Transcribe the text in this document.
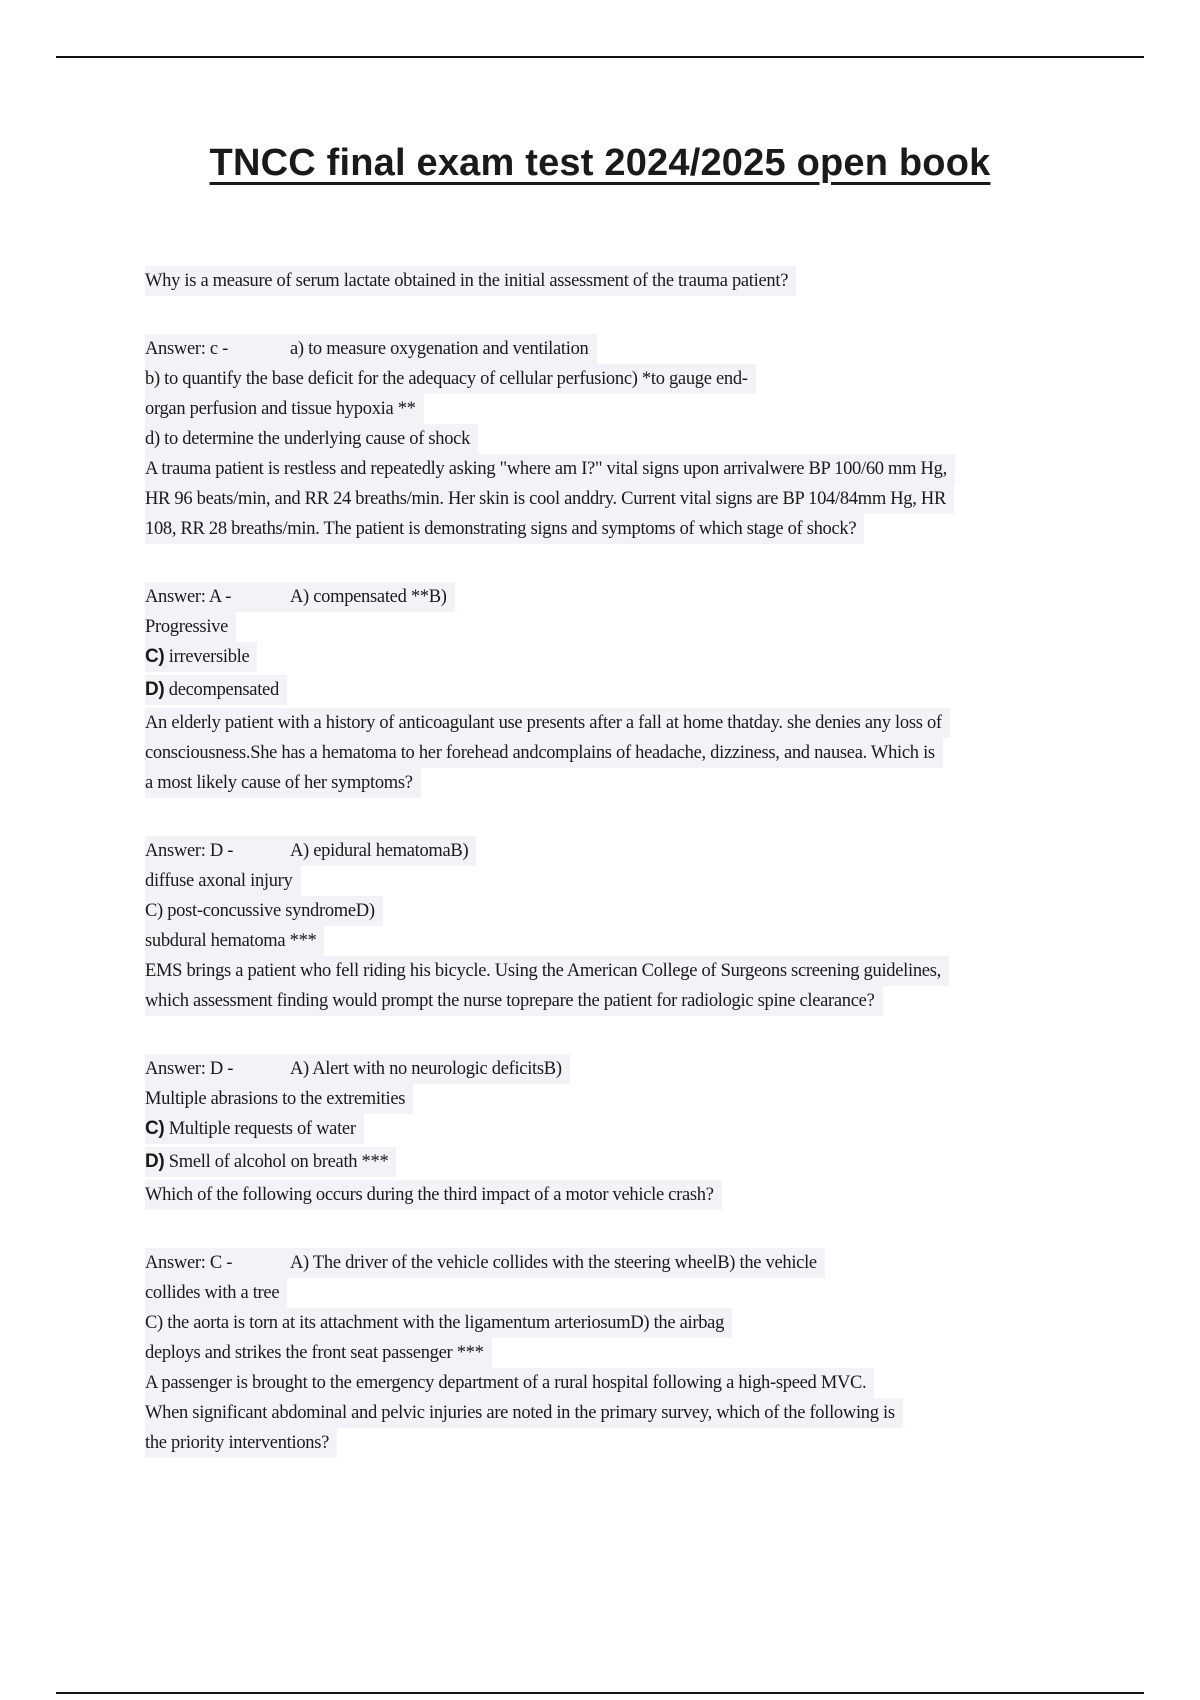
TNCC final exam test 2024/2025 open book
Why is a measure of serum lactate obtained in the initial assessment of the trauma patient?
Answer: c -	a) to measure oxygenation and ventilation
b) to quantify the base deficit for the adequacy of cellular perfusionc) *to gauge end-
organ perfusion and tissue hypoxia **
d) to determine the underlying cause of shock
A trauma patient is restless and repeatedly asking "where am I?" vital signs upon arrivalwere BP 100/60 mm Hg,
HR 96 beats/min, and RR 24 breaths/min. Her skin is cool anddry. Current vital signs are BP 104/84mm Hg, HR
108, RR 28 breaths/min. The patient is demonstrating signs and symptoms of which stage of shock?
Answer: A -	A) compensated **B)
Progressive
C) irreversible
D) decompensated
An elderly patient with a history of anticoagulant use presents after a fall at home thatday. she denies any loss of
consciousness.She has a hematoma to her forehead andcomplains of headache, dizziness, and nausea. Which is
a most likely cause of her symptoms?
Answer: D -	A) epidural hematomaB)
diffuse axonal injury
C) post-concussive syndromeD)
subdural hematoma ***
EMS brings a patient who fell riding his bicycle. Using the American College of Surgeons screening guidelines,
which assessment finding would prompt the nurse toprepare the patient for radiologic spine clearance?
Answer: D -	A) Alert with no neurologic deficitsB)
Multiple abrasions to the extremities
C) Multiple requests of water
D) Smell of alcohol on breath ***
Which of the following occurs during the third impact of a motor vehicle crash?
Answer: C -	A) The driver of the vehicle collides with the steering wheelB) the vehicle
collides with a tree
C) the aorta is torn at its attachment with the ligamentum arteriosumD) the airbag
deploys and strikes the front seat passenger ***
A passenger is brought to the emergency department of a rural hospital following a high-speed MVC.
When significant abdominal and pelvic injuries are noted in the primary survey, which of the following is
the priority interventions?
